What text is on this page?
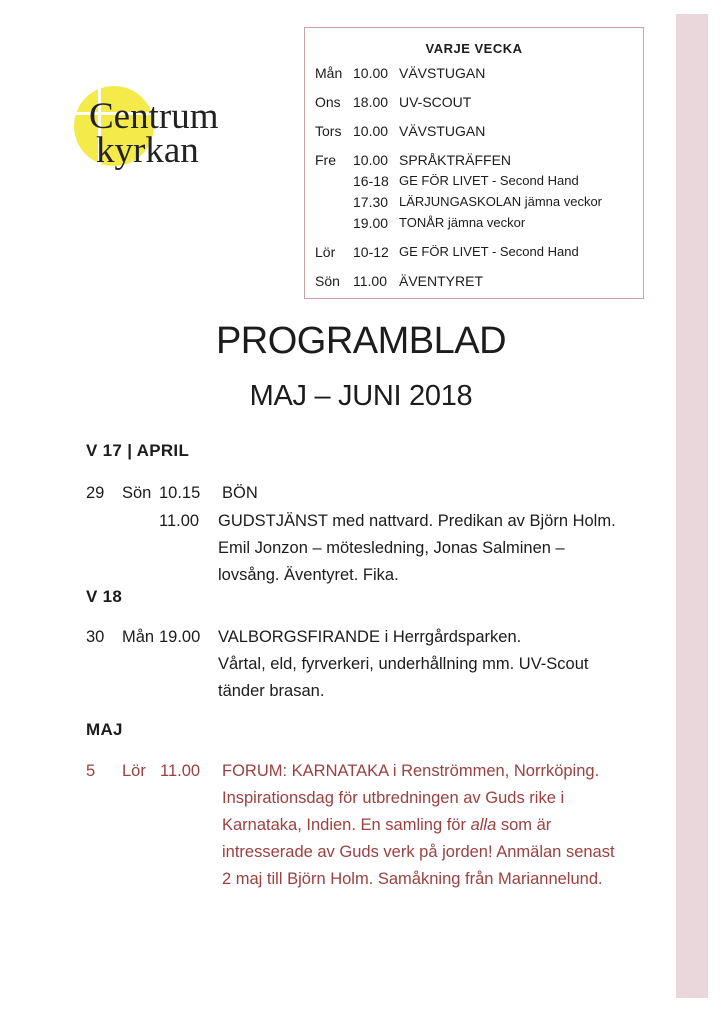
Centrum
kyrkan
VARJE VECKA
Mån 10.00 VÄVSTUGAN
Ons 18.00 UV-SCOUT
Tors 10.00 VÄVSTUGAN
Fre 10.00 SPRÅKTRÄFFEN
16-18 GE FÖR LIVET - Second Hand
17.30 LÄRJUNGASKOLAN jämna veckor
19.00 TONÅR jämna veckor
Lör 10-12 GE FÖR LIVET - Second Hand
Sön 11.00 ÄVENTYRET
PROGRAMBLAD
MAJ – JUNI 2018
V 17 | APRIL
29 Sön 10.15 BÖN
11.00 GUDSTJÄNST med nattvard. Predikan av Björn Holm.
Emil Jonzon – mötesledning, Jonas Salminen –
lovsång. Äventyret. Fika.
V 18
30 Mån 19.00 VALBORGSFIRANDE i Herrgårdsparken.
Vårtal, eld, fyrverkeri, underhållning mm. UV-Scout
tänder brasan.
MAJ
5 Lör 11.00 FORUM: KARNATAKA i Renströmmen, Norrköping.
Inspirationsdag för utbredningen av Guds rike i
Karnataka, Indien. En samling för alla som är
intresserade av Guds verk på jorden! Anmälan senast
2 maj till Björn Holm. Samåkning från Mariannelund.
